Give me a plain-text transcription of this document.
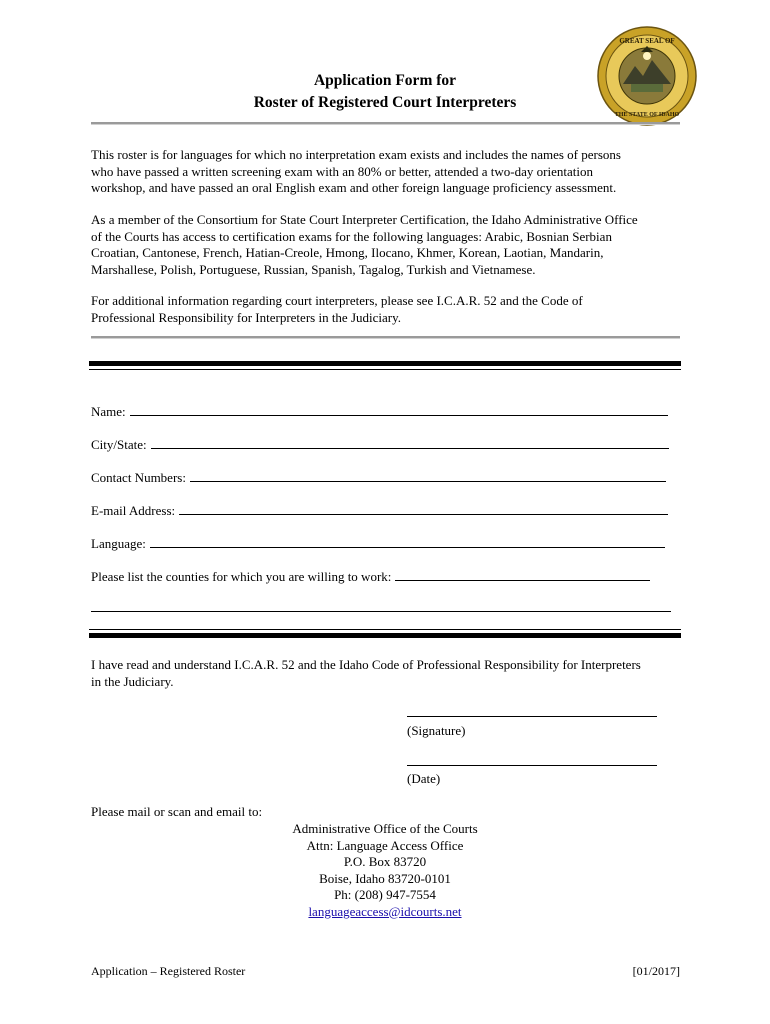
GREAT SEAL OF
THE STATE OF IDAHO
Application Form for
Roster of Registered Court Interpreters
This roster is for languages for which no interpretation exam exists and includes the names of persons
who have passed a written screening exam with an 80% or better, attended a two-day orientation
workshop, and have passed an oral English exam and other foreign language proficiency assessment.
As a member of the Consortium for State Court Interpreter Certification, the Idaho Administrative Office
of the Courts has access to certification exams for the following languages: Arabic, Bosnian Serbian
Croatian, Cantonese, French, Hatian-Creole, Hmong, Ilocano, Khmer, Korean, Laotian, Mandarin,
Marshallese, Polish, Portuguese, Russian, Spanish, Tagalog, Turkish and Vietnamese.
For additional information regarding court interpreters, please see I.C.A.R. 52 and the Code of
Professional Responsibility for Interpreters in the Judiciary.
Name:
City/State:
Contact Numbers:
E-mail Address:
Language:
Please list the counties for which you are willing to work:
I have read and understand I.C.A.R. 52 and the Idaho Code of Professional Responsibility for Interpreters
in the Judiciary.
(Signature)
(Date)
Please mail or scan and email to:
Administrative Office of the Courts
Attn: Language Access Office
P.O. Box 83720
Boise, Idaho 83720-0101
Ph: (208) 947-7554
languageaccess@idcourts.net
Application – Registered Roster	[01/2017]
